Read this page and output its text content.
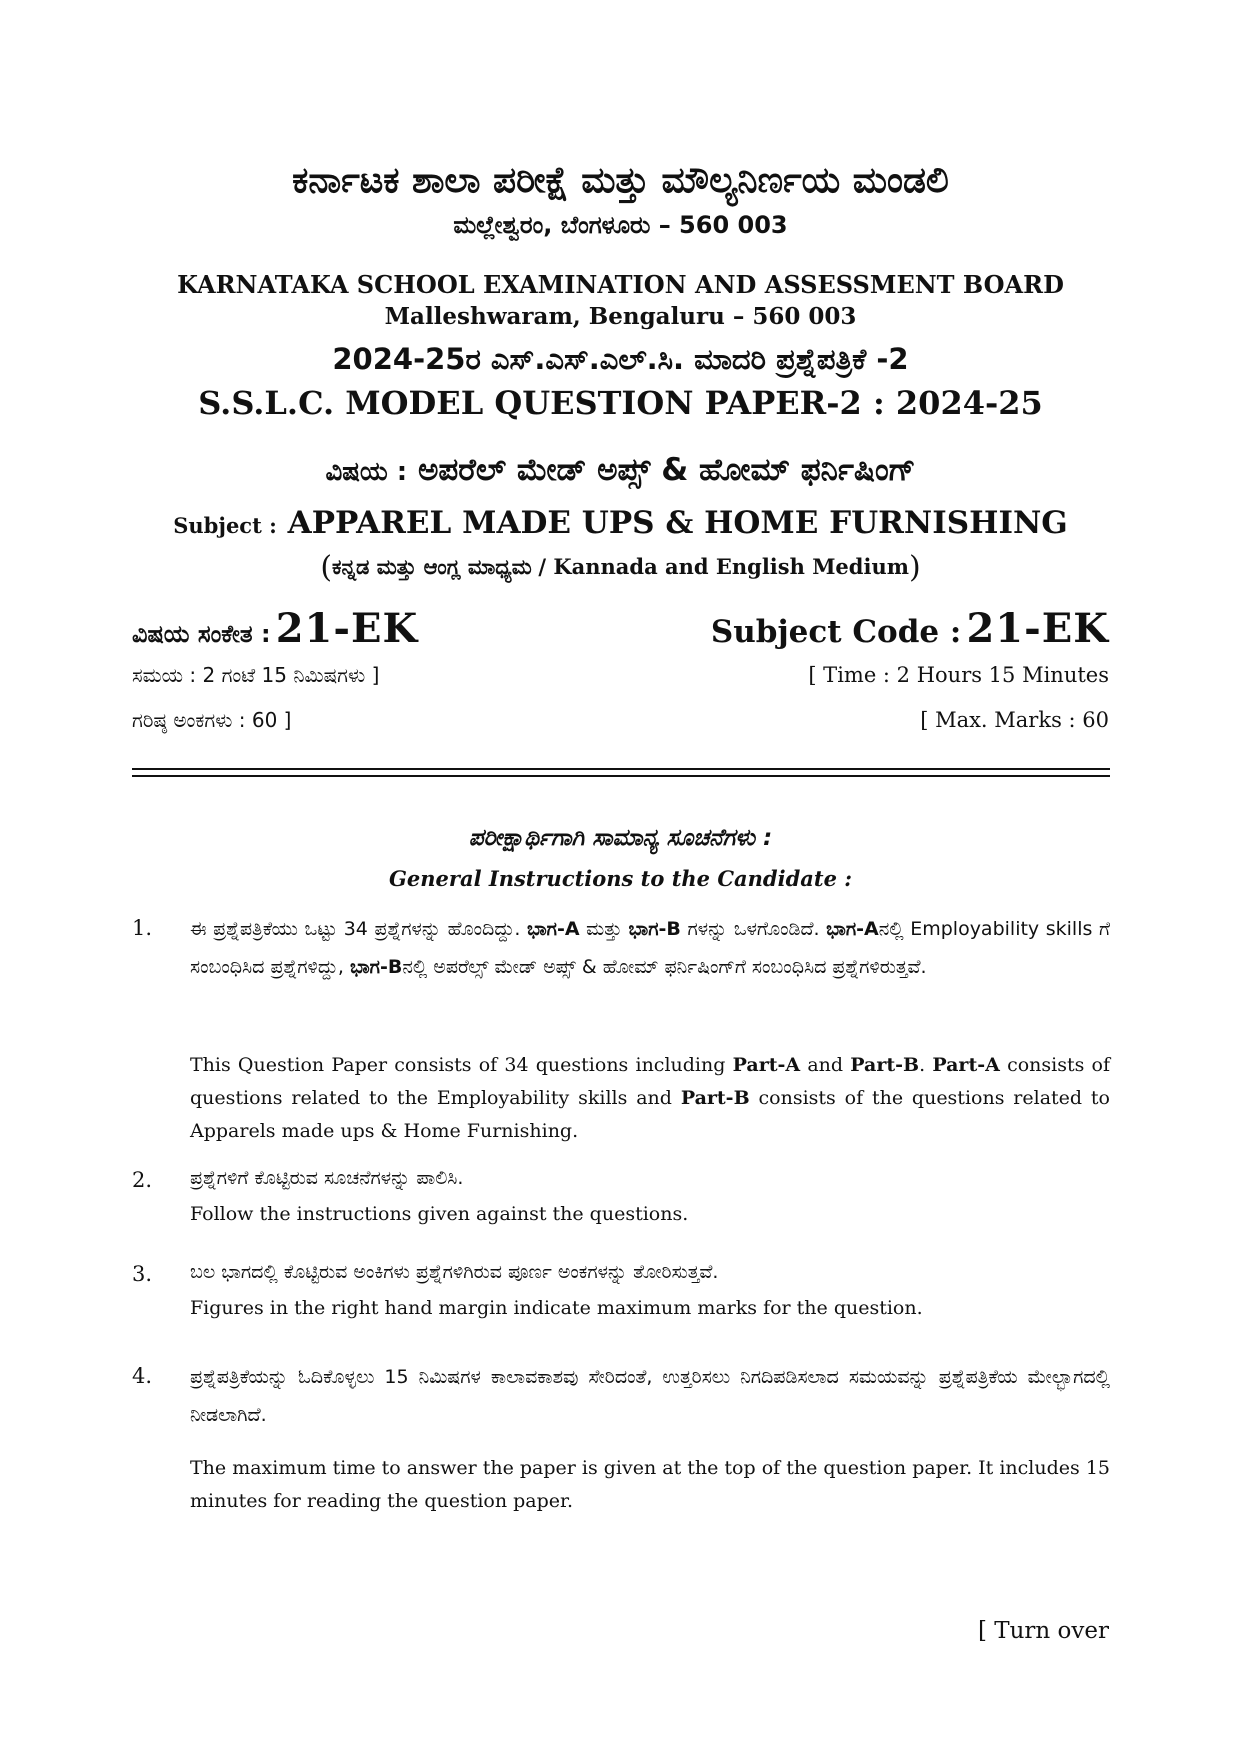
ಕರ್ನಾಟಕ ಶಾಲಾ ಪರೀಕ್ಷೆ ಮತ್ತು ಮೌಲ್ಯನಿರ್ಣಯ ಮಂಡಲಿ
ಮಲ್ಲೇಶ್ವರಂ, ಬೆಂಗಳೂರು – 560 003
KARNATAKA SCHOOL EXAMINATION AND ASSESSMENT BOARD
Malleshwaram, Bengaluru – 560 003
2024-25ರ ಎಸ್.ಎಸ್.ಎಲ್.ಸಿ. ಮಾದರಿ ಪ್ರಶ್ನೆಪತ್ರಿಕೆ -2
S.S.L.C. MODEL QUESTION PAPER-2 : 2024-25
ವಿಷಯ : ಅಪರೆಲ್ ಮೇಡ್ ಅಪ್ಸ್ & ಹೋಮ್ ಫರ್ನಿಷಿಂಗ್
Subject : APPAREL MADE UPS & HOME FURNISHING
(ಕನ್ನಡ ಮತ್ತು ಆಂಗ್ಲ ಮಾಧ್ಯಮ / Kannada and English Medium)
ವಿಷಯ ಸಂಕೇತ : 21-EK	Subject Code : 21-EK
ಸಮಯ : 2 ಗಂಟೆ 15 ನಿಮಿಷಗಳು ]	[ Time : 2 Hours 15 Minutes
ಗರಿಷ್ಠ ಅಂಕಗಳು : 60 ]	[ Max. Marks : 60
ಪರೀಕ್ಷಾರ್ಥಿಗಾಗಿ ಸಾಮಾನ್ಯ ಸೂಚನೆಗಳು :
General Instructions to the Candidate :
1. ಈ ಪ್ರಶ್ನೆಪತ್ರಿಕೆಯು ಒಟ್ಟು 34 ಪ್ರಶ್ನೆಗಳನ್ನು ಹೊಂದಿದ್ದು. ಭಾಗ-A ಮತ್ತು ಭಾಗ-B ಗಳನ್ನು ಒಳಗೊಂಡಿದೆ. ಭಾಗ-Aನಲ್ಲಿ Employability skills ಗೆ ಸಂಬಂಧಿಸಿದ ಪ್ರಶ್ನೆಗಳಿದ್ದು, ಭಾಗ-Bನಲ್ಲಿ ಅಪರೆಲ್ಸ್ ಮೇಡ್ ಅಪ್ಸ್ & ಹೋಮ್ ಫರ್ನಿಷಿಂಗ್‌ಗೆ ಸಂಬಂಧಿಸಿದ ಪ್ರಶ್ನೆಗಳಿರುತ್ತವೆ.
This Question Paper consists of 34 questions including Part-A and Part-B. Part-A consists of questions related to the Employability skills and Part-B consists of the questions related to Apparels made ups & Home Furnishing.
2. ಪ್ರಶ್ನೆಗಳಿಗೆ ಕೊಟ್ಟಿರುವ ಸೂಚನೆಗಳನ್ನು ಪಾಲಿಸಿ.
Follow the instructions given against the questions.
3. ಬಲ ಭಾಗದಲ್ಲಿ ಕೊಟ್ಟಿರುವ ಅಂಕಿಗಳು ಪ್ರಶ್ನೆಗಳಿಗಿರುವ ಪೂರ್ಣ ಅಂಕಗಳನ್ನು ತೋರಿಸುತ್ತವೆ.
Figures in the right hand margin indicate maximum marks for the question.
4. ಪ್ರಶ್ನೆಪತ್ರಿಕೆಯನ್ನು ಓದಿಕೊಳ್ಳಲು 15 ನಿಮಿಷಗಳ ಕಾಲಾವಕಾಶವು ಸೇರಿದಂತೆ, ಉತ್ತರಿಸಲು ನಿಗದಿಪಡಿಸಲಾದ ಸಮಯವನ್ನು ಪ್ರಶ್ನೆಪತ್ರಿಕೆಯ ಮೇಲ್ಭಾಗದಲ್ಲಿ ನೀಡಲಾಗಿದೆ.
The maximum time to answer the paper is given at the top of the question paper. It includes 15 minutes for reading the question paper.
[ Turn over
